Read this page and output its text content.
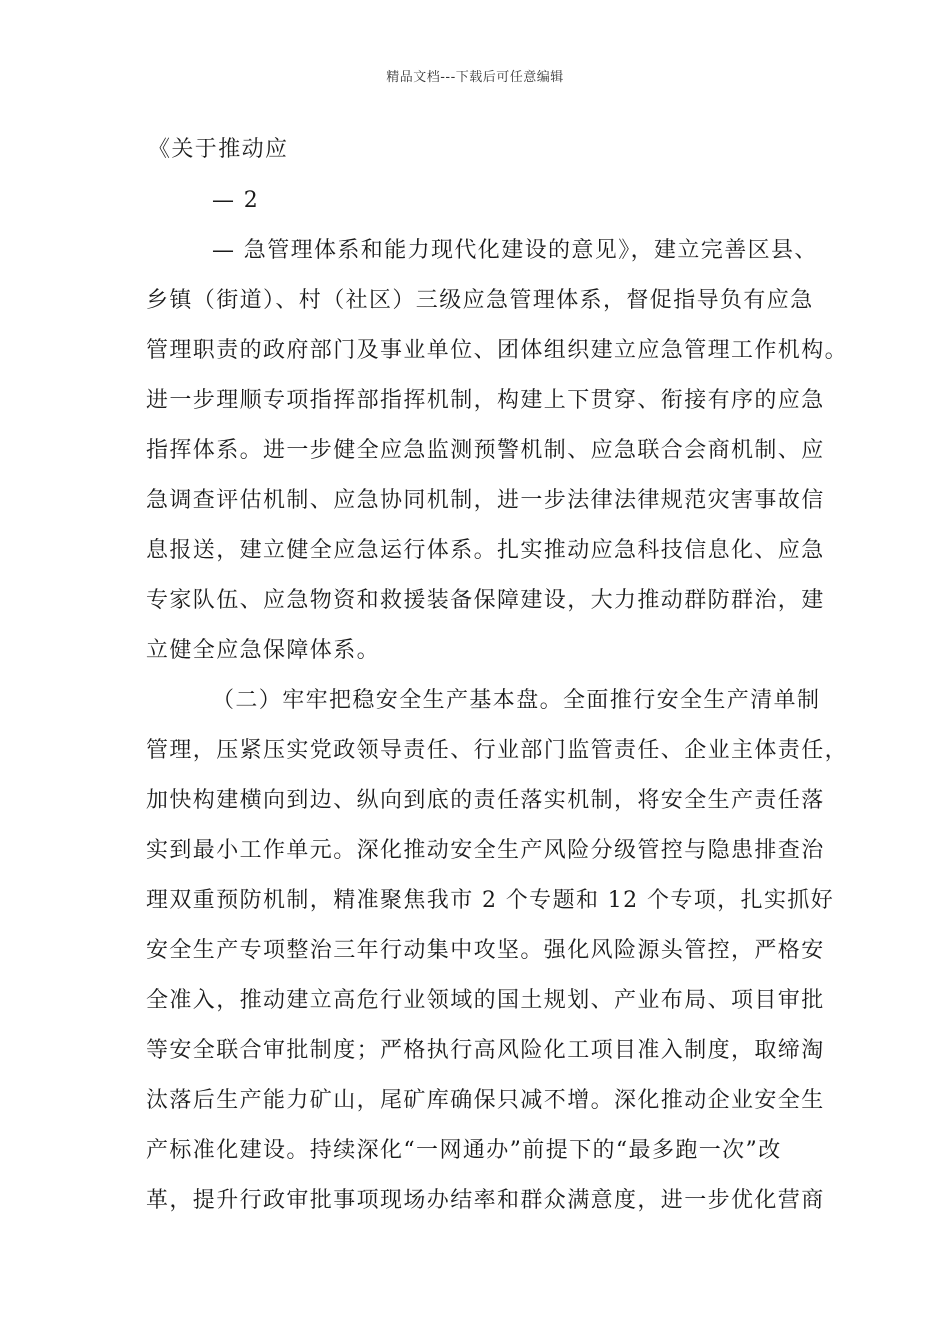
精品文档---下载后可任意编辑
《关于推动应
— 2
— 急管理体系和能力现代化建设的意见》，建立完善区县、
乡镇（街道）、村（社区）三级应急管理体系，督促指导负有应急
管理职责的政府部门及事业单位、团体组织建立应急管理工作机构。
进一步理顺专项指挥部指挥机制，构建上下贯穿、衔接有序的应急
指挥体系。进一步健全应急监测预警机制、应急联合会商机制、应
急调查评估机制、应急协同机制，进一步法律法律规范灾害事故信
息报送，建立健全应急运行体系。扎实推动应急科技信息化、应急
专家队伍、应急物资和救援装备保障建设，大力推动群防群治，建
立健全应急保障体系。
（二）牢牢把稳安全生产基本盘。全面推行安全生产清单制
管理，压紧压实党政领导责任、行业部门监管责任、企业主体责任，
加快构建横向到边、纵向到底的责任落实机制，将安全生产责任落
实到最小工作单元。深化推动安全生产风险分级管控与隐患排查治
理双重预防机制，精准聚焦我市 2 个专题和 12 个专项，扎实抓好
安全生产专项整治三年行动集中攻坚。强化风险源头管控，严格安
全准入，推动建立高危行业领域的国土规划、产业布局、项目审批
等安全联合审批制度；严格执行高风险化工项目准入制度，取缔淘
汰落后生产能力矿山，尾矿库确保只减不增。深化推动企业安全生
产标准化建设。持续深化“一网通办”前提下的“最多跑一次”改
革，提升行政审批事项现场办结率和群众满意度，进一步优化营商
